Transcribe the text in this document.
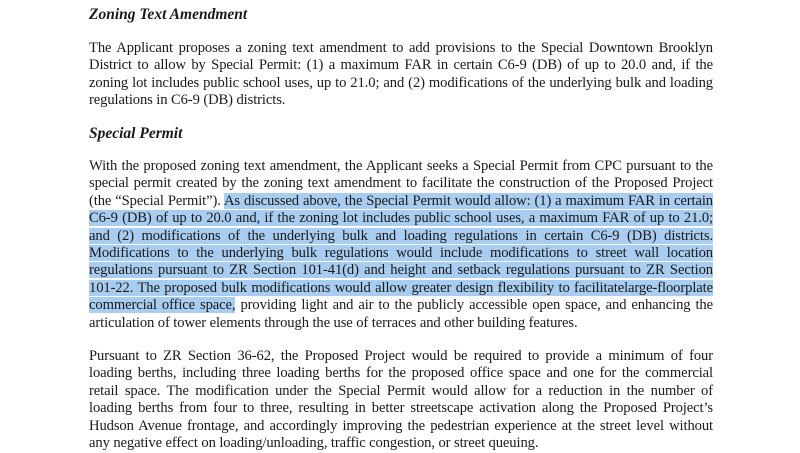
Zoning Text Amendment

The Applicant proposes a zoning text amendment to add provisions to the Special Downtown Brooklyn District to allow by Special Permit: (1) a maximum FAR in certain C6-9 (DB) of up to 20.0 and, if the zoning lot includes public school uses, up to 21.0; and (2) modifications of the underlying bulk and loading regulations in C6-9 (DB) districts.

Special Permit

With the proposed zoning text amendment, the Applicant seeks a Special Permit from CPC pursuant to the special permit created by the zoning text amendment to facilitate the construction of the Proposed Project (the “Special Permit”). As discussed above, the Special Permit would allow: (1) a maximum FAR in certain C6-9 (DB) of up to 20.0 and, if the zoning lot includes public school uses, a maximum FAR of up to 21.0; and (2) modifications of the underlying bulk and loading regulations in certain C6-9 (DB) districts. Modifications to the underlying bulk regulations would include modifications to street wall location regulations pursuant to ZR Section 101-41(d) and height and setback regulations pursuant to ZR Section 101-22. The proposed bulk modifications would allow greater design flexibility to facilitatelarge-floorplate commercial office space, providing light and air to the publicly accessible open space, and enhancing the articulation of tower elements through the use of terraces and other building features.

Pursuant to ZR Section 36-62, the Proposed Project would be required to provide a minimum of four loading berths, including three loading berths for the proposed office space and one for the commercial retail space. The modification under the Special Permit would allow for a reduction in the number of loading berths from four to three, resulting in better streetscape activation along the Proposed Project’s Hudson Avenue frontage, and accordingly improving the pedestrian experience at the street level without any negative effect on loading/unloading, traffic congestion, or street queuing.
